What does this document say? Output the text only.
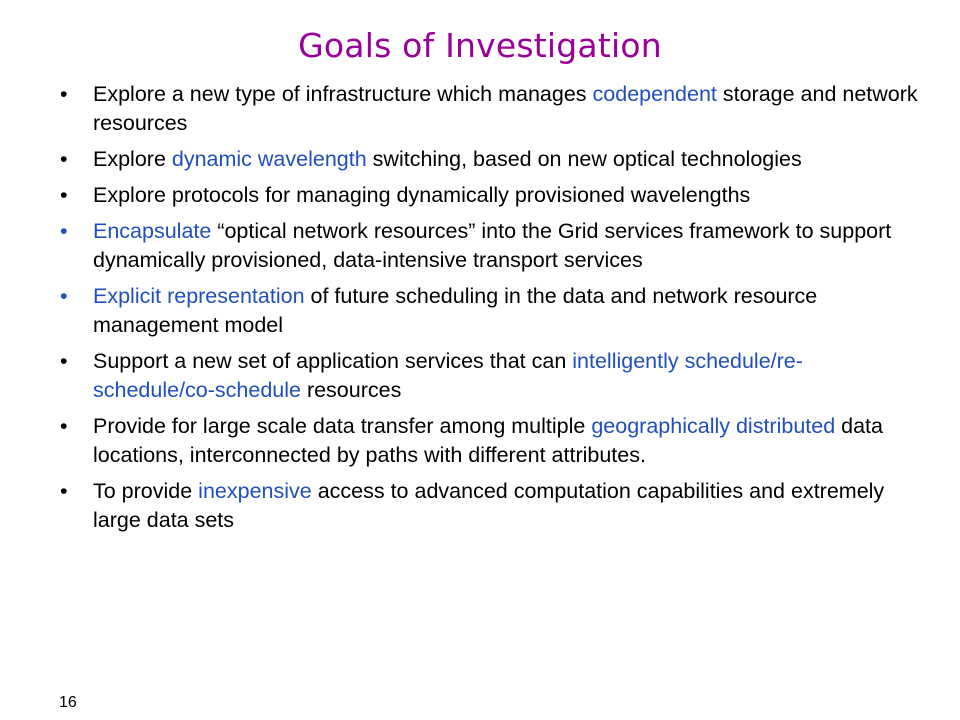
Goals of Investigation
•	Explore a new type of infrastructure which manages codependent storage and network resources
•	Explore dynamic wavelength switching, based on new optical technologies
•	Explore protocols for managing dynamically provisioned wavelengths
•	Encapsulate “optical network resources” into the Grid services framework to support dynamically provisioned, data-intensive transport services
•	Explicit representation of future scheduling in the data and network resource management model
•	Support a new set of application services that can intelligently schedule/re-schedule/co-schedule resources
•	Provide for large scale data transfer among multiple geographically distributed data locations, interconnected by paths with different attributes.
•	To provide inexpensive access to advanced computation capabilities and extremely large data sets
16
